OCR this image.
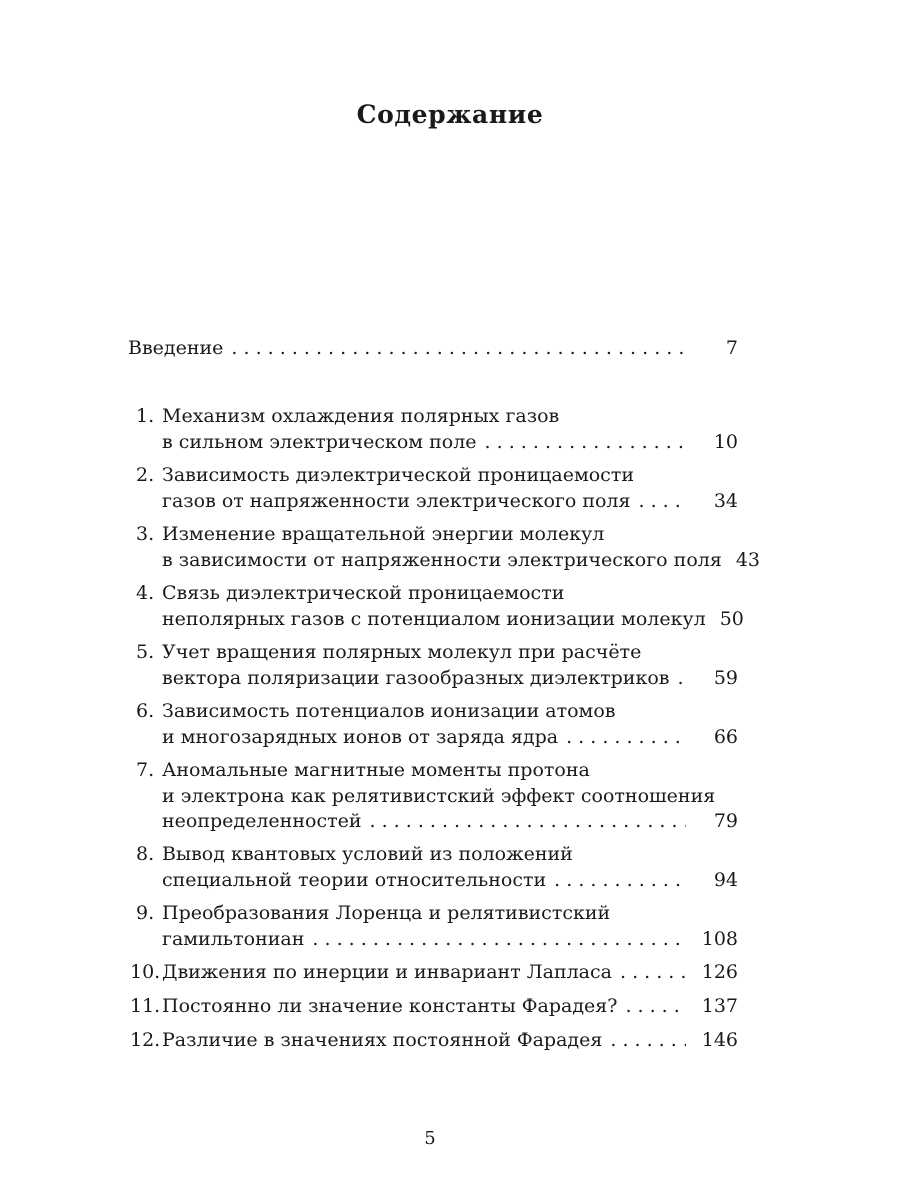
Содержание
Введение . . .	7
1. Механизм охлаждения полярных газов
в сильном электрическом поле . . .	10
2. Зависимость диэлектрической проницаемости
газов от напряженности электрического поля . . .	34
3. Изменение вращательной энергии молекул
в зависимости от напряженности электрического поля 43
4. Связь диэлектрической проницаемости
неполярных газов с потенциалом ионизации молекул 50
5. Учет вращения полярных молекул при расчёте
вектора поляризации газообразных диэлектриков . . .	59
6. Зависимость потенциалов ионизации атомов
и многозарядных ионов от заряда ядра . . .	66
7. Аномальные магнитные моменты протона
и электрона как релятивистский эффект соотношения
неопределенностей . . .	79
8. Вывод квантовых условий из положений
специальной теории относительности . . .	94
9. Преобразования Лоренца и релятивистский
гамильтониан . . .	108
10. Движения по инерции и инвариант Лапласа . . .	126
11. Постоянно ли значение константы Фарадея? . . .	137
12. Различие в значениях постоянной Фарадея . . .	146
5
